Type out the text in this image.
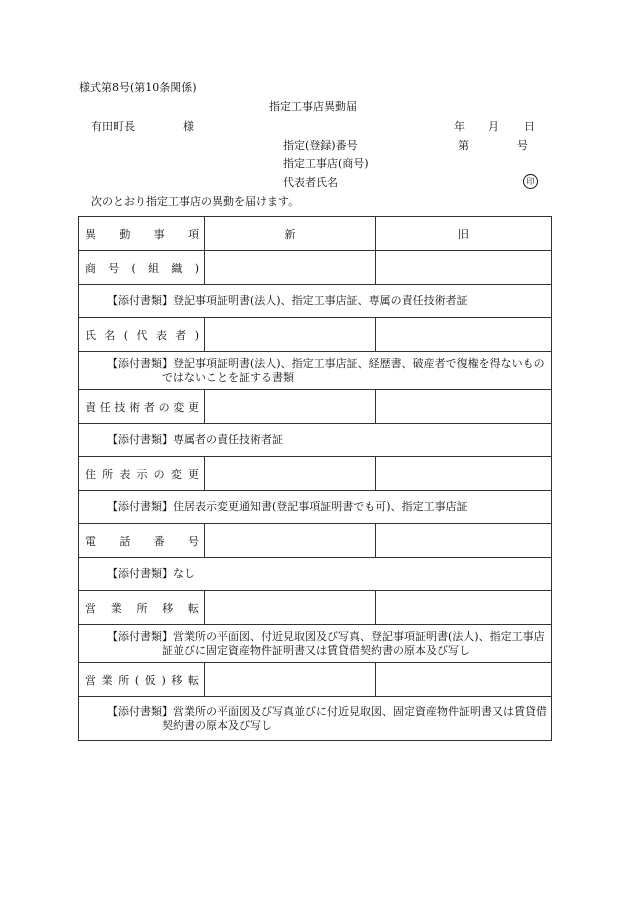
様式第8号(第10条関係)
指定工事店異動届
有田町長	様	年 月 日
指定(登録)番号	第	号
指定工事店(商号)
代表者氏名	印
次のとおり指定工事店の異動を届けます。
異動事項	新	旧

商号(組織)		

【添付書類】登記事項証明書(法人)、指定工事店証、専属の責任技術者証		

氏名(代表者)		

【添付書類】登記事項証明書(法人)、指定工事店証、経歴書、破産者で復権を得ないものではないことを証する書類		

責任技術者の変更		

【添付書類】専属者の責任技術者証		

住所表示の変更		

【添付書類】住居表示変更通知書(登記事項証明書でも可)、指定工事店証		

電話番号		

【添付書類】なし		

営業所移転		

【添付書類】営業所の平面図、付近見取図及び写真、登記事項証明書(法人)、指定工事店証並びに固定資産物件証明書又は賃貸借契約書の原本及び写し		

営業所(仮)移転		

【添付書類】営業所の平面図及び写真並びに付近見取図、固定資産物件証明書又は賃貸借契約書の原本及び写し		
